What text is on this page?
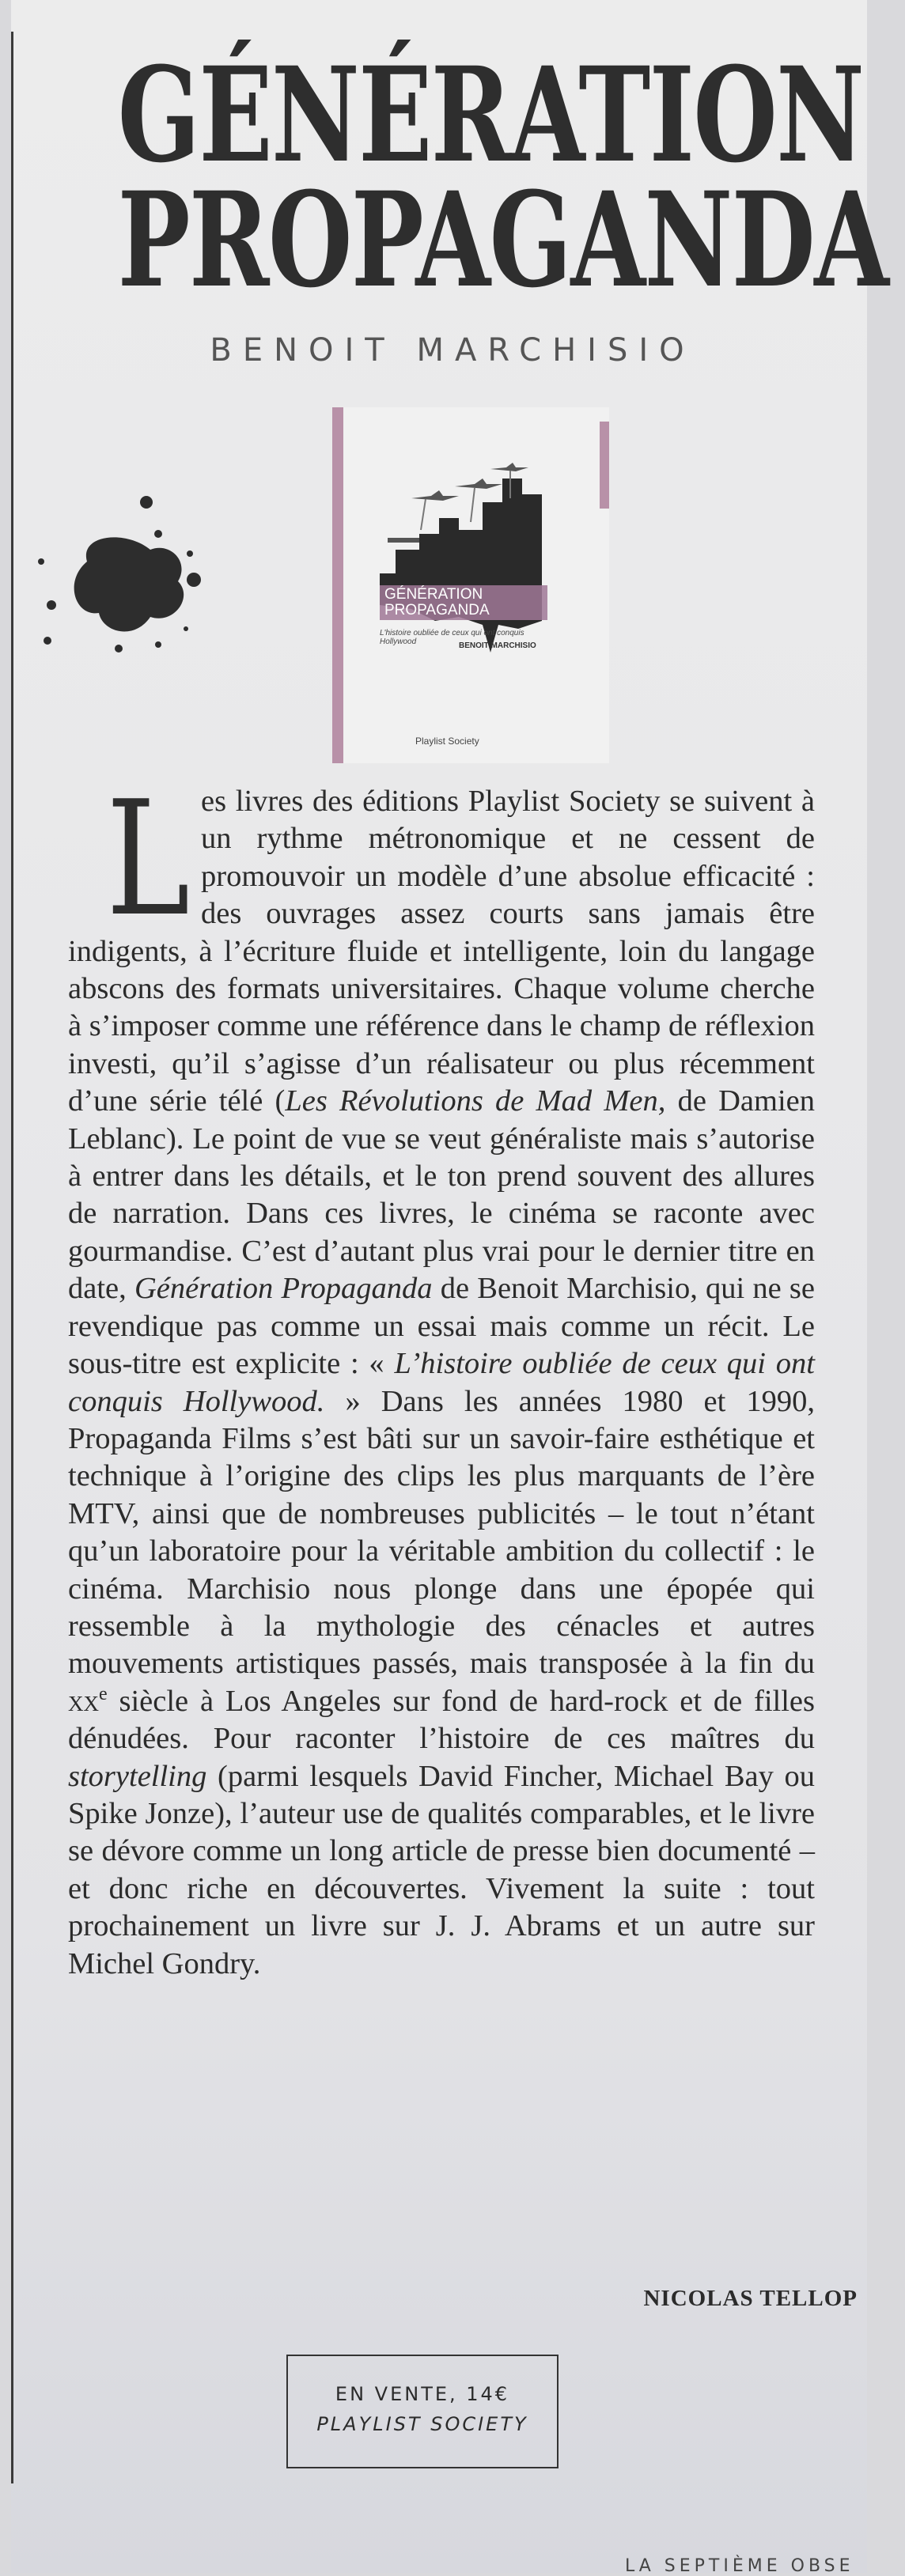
GÉNÉRATION
PROPAGANDA
BENOIT MARCHISIO
GÉNÉRATION PROPAGANDA
L'histoire oubliée de ceux qui ont conquis Hollywood	BENOIT MARCHISIO
Playlist Society
L es livres des éditions Playlist Society se suivent à un rythme métronomique et ne cessent de promouvoir un modèle d’une absolue efficacité : des ouvrages assez courts sans jamais être indigents, à l’écriture fluide et intelligente, loin du langage abscons des formats universitaires. Chaque volume cherche à s’imposer comme une référence dans le champ de réflexion investi, qu’il s’agisse d’un réalisateur ou plus récemment d’une série télé (Les Révolutions de Mad Men, de Damien Leblanc). Le point de vue se veut généraliste mais s’autorise à entrer dans les détails, et le ton prend souvent des allures de narration. Dans ces livres, le cinéma se raconte avec gourmandise. C’est d’autant plus vrai pour le dernier titre en date, Génération Propaganda de Benoit Marchisio, qui ne se revendique pas comme un essai mais comme un récit. Le sous-titre est explicite : « L’histoire oubliée de ceux qui ont conquis Hollywood. » Dans les années 1980 et 1990, Propaganda Films s’est bâti sur un savoir-faire esthétique et technique à l’origine des clips les plus marquants de l’ère MTV, ainsi que de nombreuses publicités – le tout n’étant qu’un laboratoire pour la véritable ambition du collectif : le cinéma. Marchisio nous plonge dans une épopée qui ressemble à la mythologie des cénacles et autres mouvements artistiques passés, mais transposée à la fin du $xx^e$ siècle à Los Angeles sur fond de hard-rock et de filles dénudées. Pour raconter l’histoire de ces maîtres du storytelling (parmi lesquels David Fincher, Michael Bay ou Spike Jonze), l’auteur use de qualités comparables, et le livre se dévore comme un long article de presse bien documenté – et donc riche en découvertes. Vivement la suite : tout prochainement un livre sur J. J. Abrams et un autre sur Michel Gondry.

NICOLAS TELLOP
EN VENTE, 14€
PLAYLIST SOCIETY
LA SEPTIÈME OBSE
